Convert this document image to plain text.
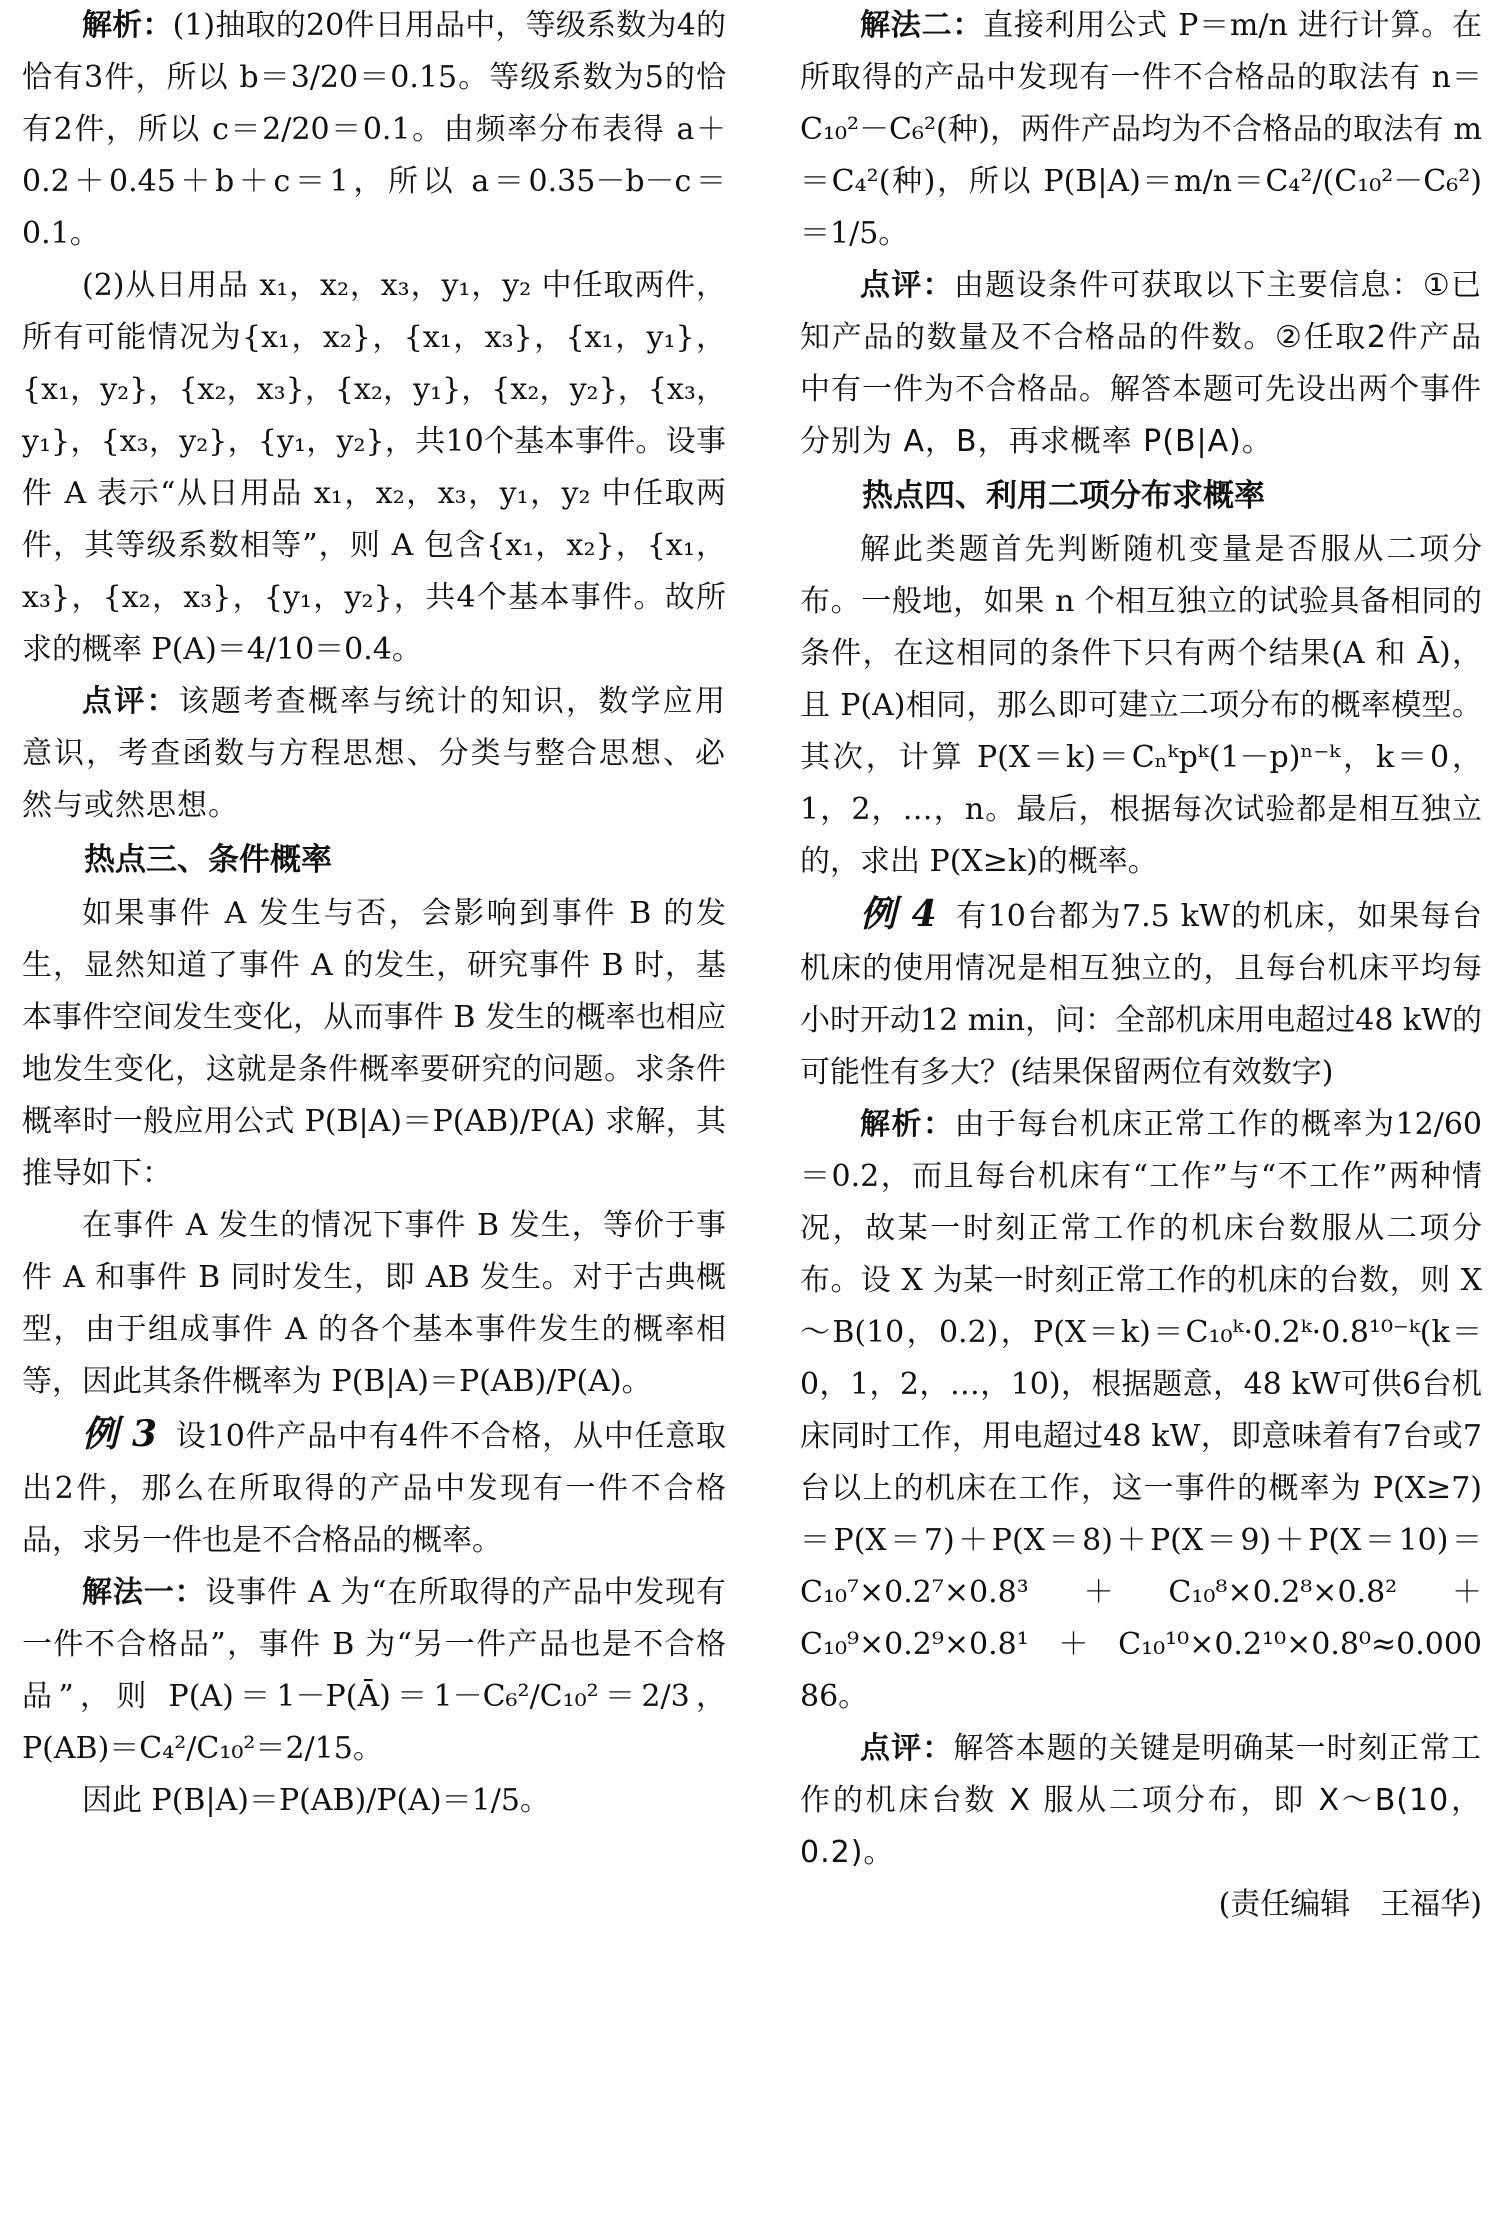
解析：(1)抽取的20件日用品中，等级系数为4的恰有3件，所以 b＝3/20＝0.15。等级系数为5的恰有2件，所以 c＝2/20＝0.1。由频率分布表得 a＋0.2＋0.45＋b＋c＝1，所以 a＝0.35－b－c＝0.1。

(2)从日用品 x₁，x₂，x₃，y₁，y₂ 中任取两件，所有可能情况为{x₁，x₂}，{x₁，x₃}，{x₁，y₁}，{x₁，y₂}，{x₂，x₃}，{x₂，y₁}，{x₂，y₂}，{x₃，y₁}，{x₃，y₂}，{y₁，y₂}，共10个基本事件。设事件 A 表示“从日用品 x₁，x₂，x₃，y₁，y₂ 中任取两件，其等级系数相等”，则 A 包含{x₁，x₂}，{x₁，x₃}，{x₂，x₃}，{y₁，y₂}，共4个基本事件。故所求的概率 P(A)＝4/10＝0.4。

点评：该题考查概率与统计的知识，数学应用意识，考查函数与方程思想、分类与整合思想、必然与或然思想。

热点三、条件概率

如果事件 A 发生与否，会影响到事件 B 的发生，显然知道了事件 A 的发生，研究事件 B 时，基本事件空间发生变化，从而事件 B 发生的概率也相应地发生变化，这就是条件概率要研究的问题。求条件概率时一般应用公式 P(B|A)＝P(AB)/P(A) 求解，其推导如下：

在事件 A 发生的情况下事件 B 发生，等价于事件 A 和事件 B 同时发生，即 AB 发生。对于古典概型，由于组成事件 A 的各个基本事件发生的概率相等，因此其条件概率为 P(B|A)＝P(AB)/P(A)。

例 3 设10件产品中有4件不合格，从中任意取出2件，那么在所取得的产品中发现有一件不合格品，求另一件也是不合格品的概率。

解法一：设事件 A 为“在所取得的产品中发现有一件不合格品”，事件 B 为“另一件产品也是不合格品”，则 P(A)＝1－P(Ā)＝1－C₆²/C₁₀²＝2/3，P(AB)＝C₄²/C₁₀²＝2/15。

因此 P(B|A)＝P(AB)/P(A)＝1/5。

解法二：直接利用公式 P＝m/n 进行计算。在所取得的产品中发现有一件不合格品的取法有 n＝C₁₀²－C₆²(种)，两件产品均为不合格品的取法有 m＝C₄²(种)，所以 P(B|A)＝m/n＝C₄²/(C₁₀²－C₆²)＝1/5。

点评：由题设条件可获取以下主要信息：①已知产品的数量及不合格品的件数。②任取2件产品中有一件为不合格品。解答本题可先设出两个事件分别为 A，B，再求概率 P(B|A)。

热点四、利用二项分布求概率

解此类题首先判断随机变量是否服从二项分布。一般地，如果 n 个相互独立的试验具备相同的条件，在这相同的条件下只有两个结果(A 和 Ā)，且 P(A)相同，那么即可建立二项分布的概率模型。其次，计算 P(X＝k)＝Cₙᵏpᵏ(1－p)ⁿ⁻ᵏ，k＝0，1，2，…，n。最后，根据每次试验都是相互独立的，求出 P(X≥k)的概率。

例 4 有10台都为7.5 kW的机床，如果每台机床的使用情况是相互独立的，且每台机床平均每小时开动12 min，问：全部机床用电超过48 kW的可能性有多大？(结果保留两位有效数字)

解析：由于每台机床正常工作的概率为12/60＝0.2，而且每台机床有“工作”与“不工作”两种情况，故某一时刻正常工作的机床台数服从二项分布。设 X 为某一时刻正常工作的机床的台数，则 X～B(10，0.2)，P(X＝k)＝C₁₀ᵏ·0.2ᵏ·0.8¹⁰⁻ᵏ(k＝0，1，2，…，10)，根据题意，48 kW可供6台机床同时工作，用电超过48 kW，即意味着有7台或7台以上的机床在工作，这一事件的概率为 P(X≥7)＝P(X＝7)＋P(X＝8)＋P(X＝9)＋P(X＝10)＝C₁₀⁷×0.2⁷×0.8³＋C₁₀⁸×0.2⁸×0.8²＋C₁₀⁹×0.2⁹×0.8¹＋C₁₀¹⁰×0.2¹⁰×0.8⁰≈0.000 86。

点评：解答本题的关键是明确某一时刻正常工作的机床台数 X 服从二项分布，即 X～B(10，0.2)。

(责任编辑　王福华)
